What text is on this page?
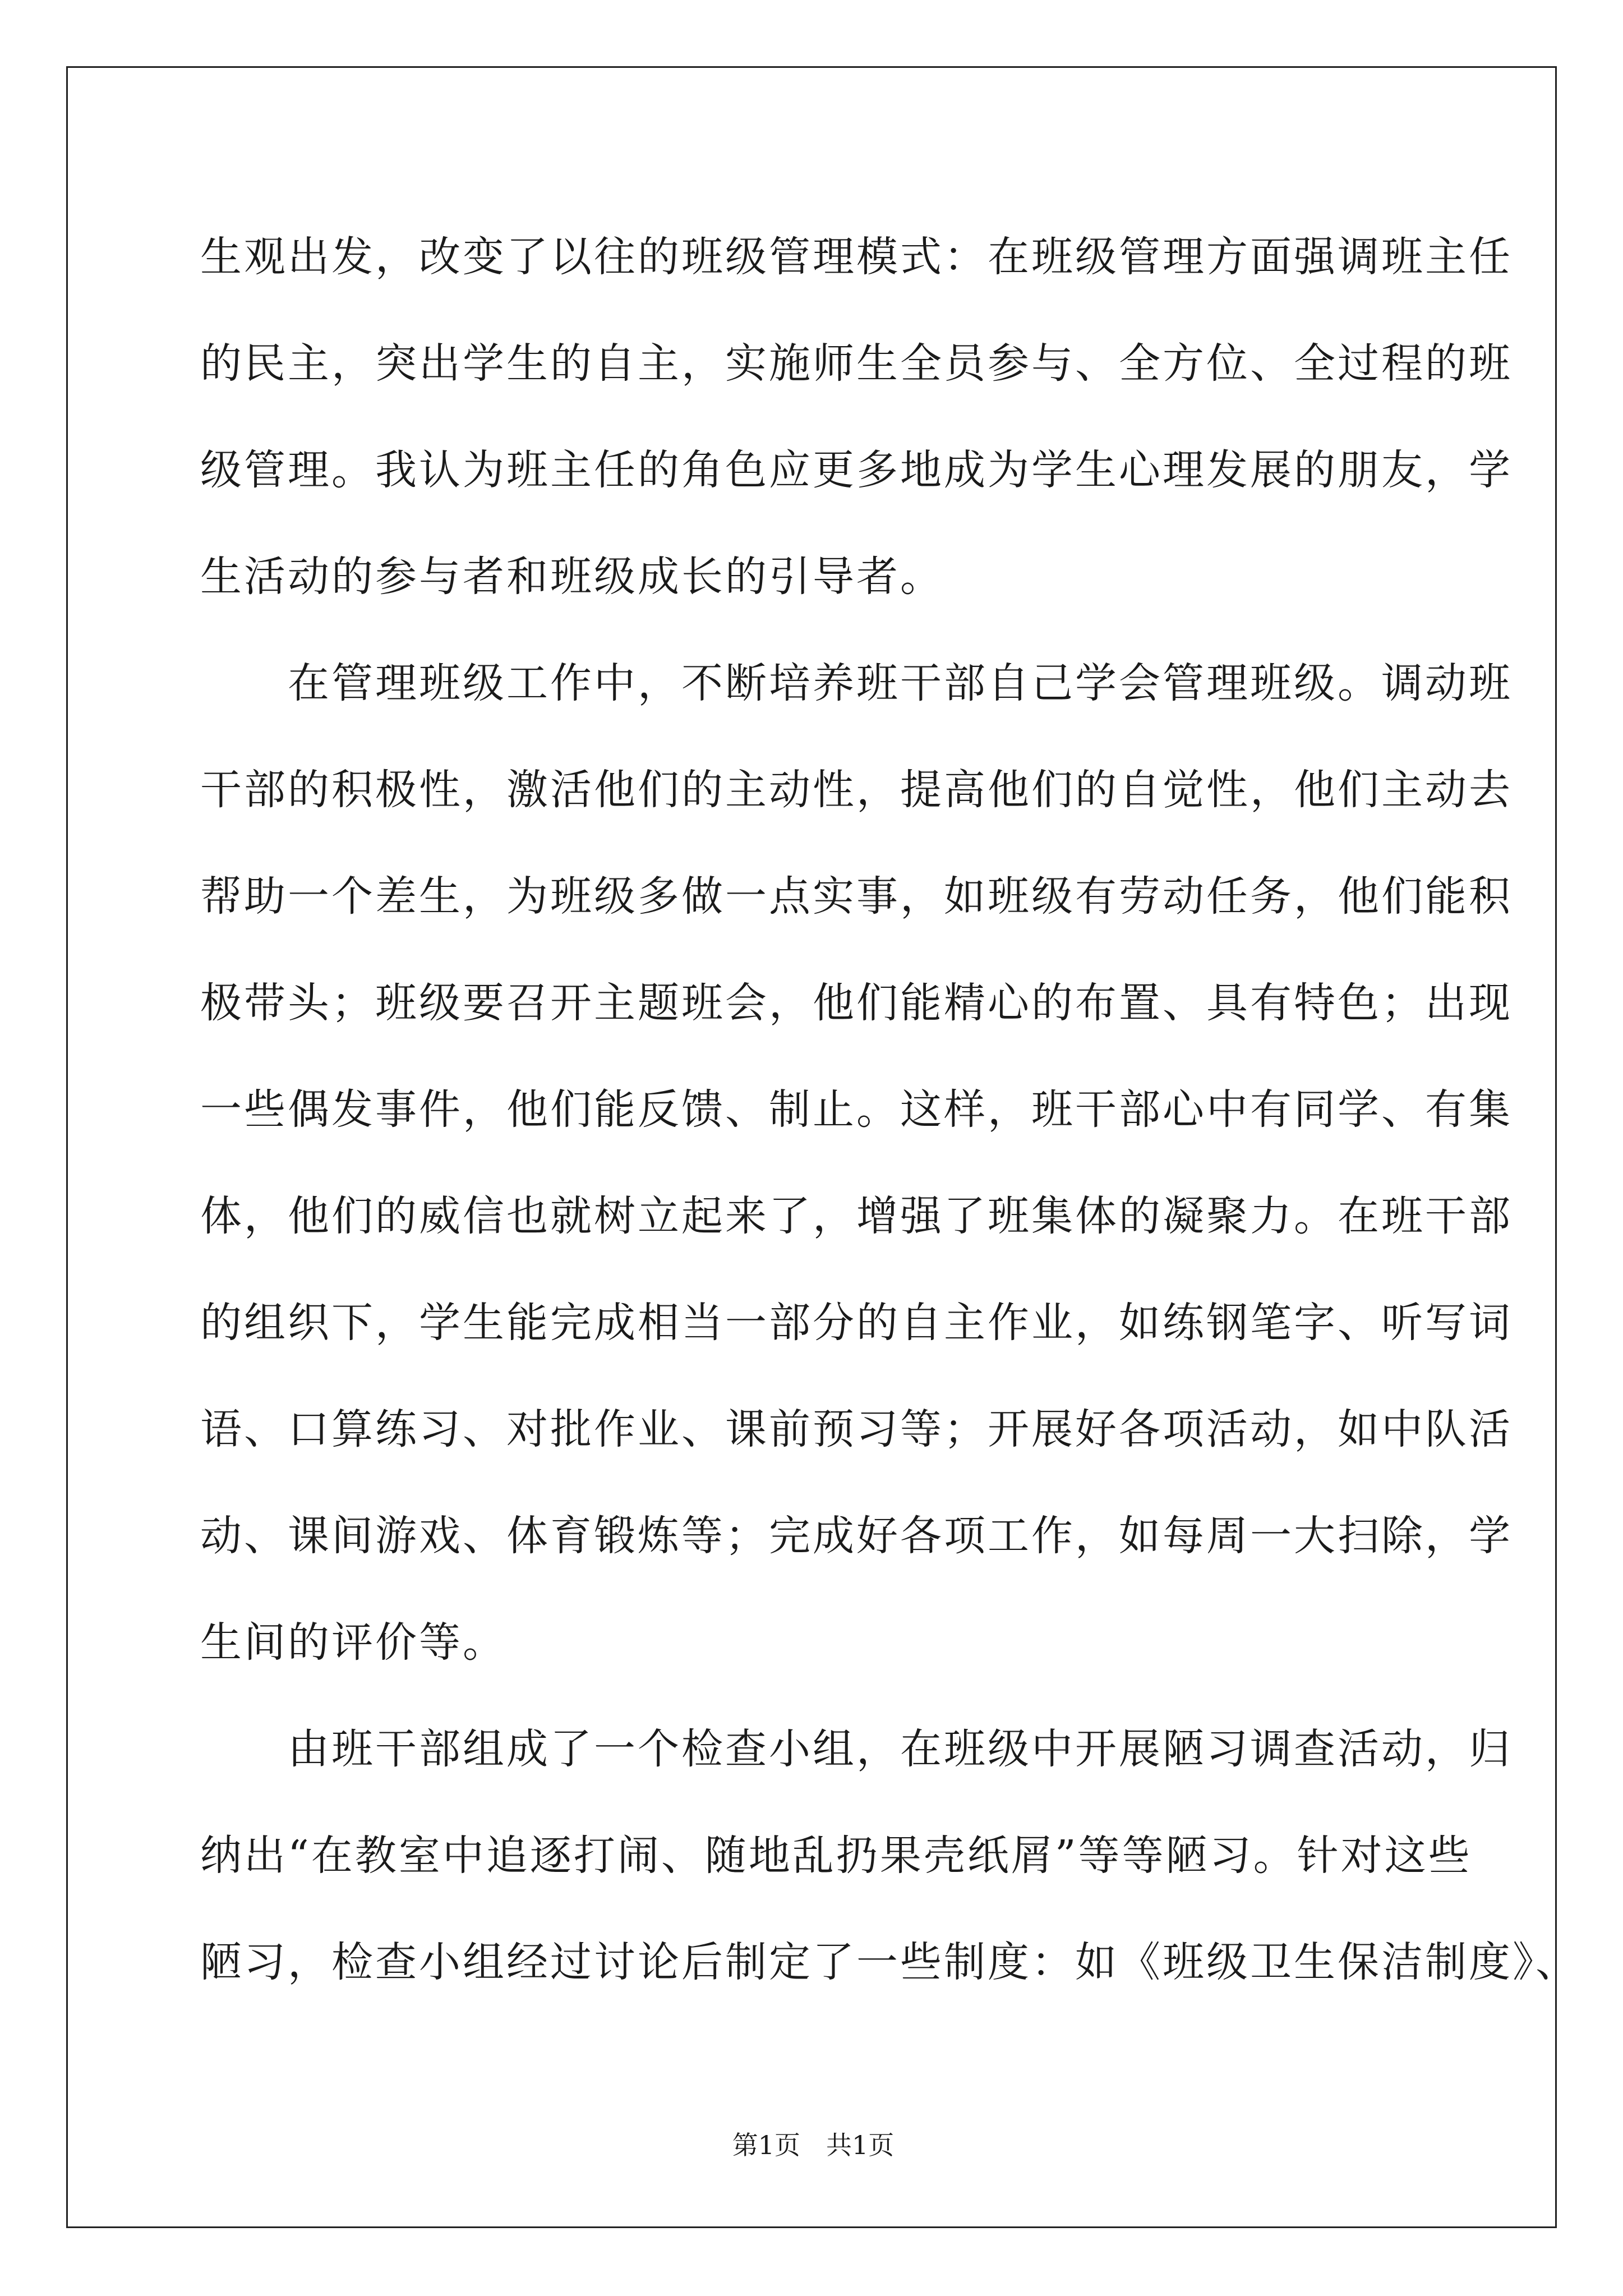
生观出发，改变了以往的班级管理模式：在班级管理方面强调班主任
的民主，突出学生的自主，实施师生全员参与、全方位、全过程的班
级管理。我认为班主任的角色应更多地成为学生心理发展的朋友，学
生活动的参与者和班级成长的引导者。
　　在管理班级工作中，不断培养班干部自己学会管理班级。调动班
干部的积极性，激活他们的主动性，提高他们的自觉性，他们主动去
帮助一个差生，为班级多做一点实事，如班级有劳动任务，他们能积
极带头；班级要召开主题班会，他们能精心的布置、具有特色；出现
一些偶发事件，他们能反馈、制止。这样，班干部心中有同学、有集
体，他们的威信也就树立起来了，增强了班集体的凝聚力。在班干部
的组织下，学生能完成相当一部分的自主作业，如练钢笔字、听写词
语、口算练习、对批作业、课前预习等；开展好各项活动，如中队活
动、课间游戏、体育锻炼等；完成好各项工作，如每周一大扫除，学
生间的评价等。
　　由班干部组成了一个检查小组，在班级中开展陋习调查活动，归
纳出“在教室中追逐打闹、随地乱扔果壳纸屑”等等陋习。针对这些
陋习，检查小组经过讨论后制定了一些制度：如《班级卫生保洁制度》、
第1页　共1页
